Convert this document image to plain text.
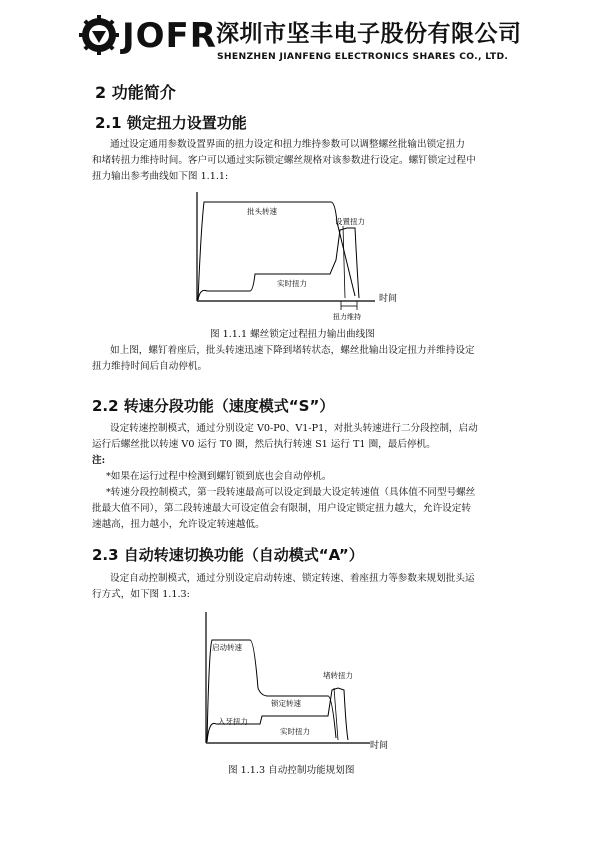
JOFR 深圳市坚丰电子股份有限公司
SHENZHEN JIANFENG ELECTRONICS SHARES CO., LTD.
2 功能简介
2.1 锁定扭力设置功能
通过设定通用参数设置界面的扭力设定和扭力维持参数可以调整螺丝批输出锁定扭力
和堵转扭力维持时间。客户可以通过实际锁定螺丝规格对该参数进行设定。螺钉锁定过程中
扭力输出参考曲线如下图 1.1.1:
批头转速
设置扭力
实时扭力
时间
扭力维持
图 1.1.1 螺丝锁定过程扭力输出曲线图
如上图，螺钉着座后，批头转速迅速下降到堵转状态，螺丝批输出设定扭力并维持设定
扭力维持时间后自动停机。
2.2 转速分段功能（速度模式“S”）
设定转速控制模式，通过分别设定 V0-P0、V1-P1，对批头转速进行二分段控制，启动
运行后螺丝批以转速 V0 运行 T0 圈，然后执行转速 S1 运行 T1 圈，最后停机。
注:
*如果在运行过程中检测到螺钉锁到底也会自动停机。
*转速分段控制模式，第一段转速最高可以设定到最大设定转速值（具体值不同型号螺丝
批最大值不同），第二段转速最大可设定值会有限制，用户设定锁定扭力越大，允许设定转
速越高，扭力越小，允许设定转速越低。
2.3 自动转速切换功能（自动模式“A”）
设定自动控制模式，通过分别设定启动转速、锁定转速、着座扭力等参数来规划批头运
行方式，如下图 1.1.3:
启动转速
堵转扭力
锁定转速
入牙扭力
实时扭力
时间
图 1.1.3 自动控制功能规划图
